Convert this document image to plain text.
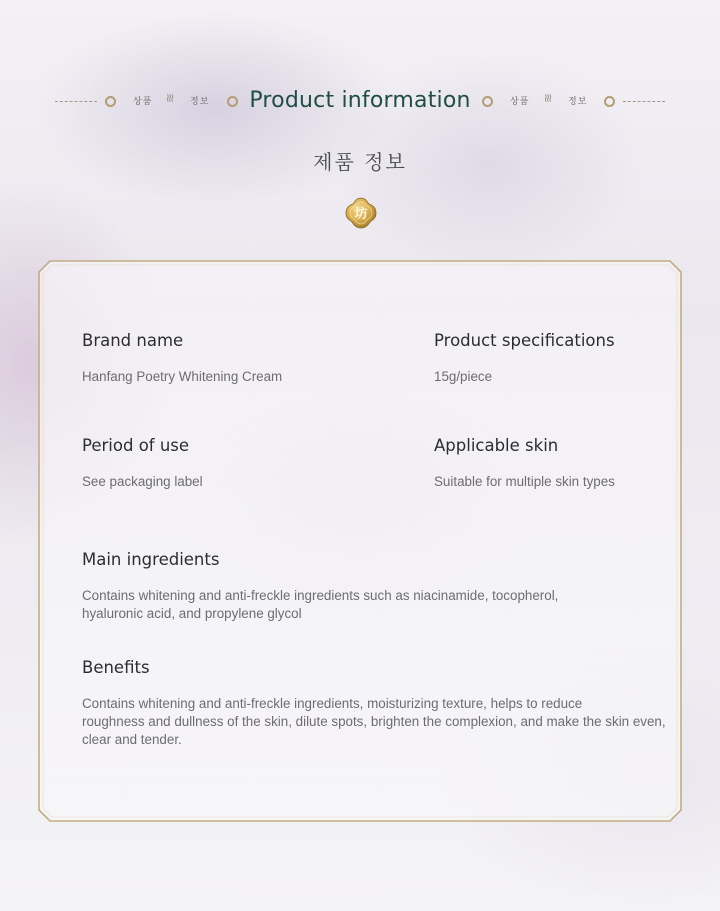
상품 ≋ 정보	Product information	상품 ≋ 정보
제품 정보
坊
Brand name
Hanfang Poetry Whitening Cream
Product specifications
15g/piece
Period of use
See packaging label
Applicable skin
Suitable for multiple skin types
Main ingredients
Contains whitening and anti-freckle ingredients such as niacinamide, tocopherol,
hyaluronic acid, and propylene glycol
Benefits
Contains whitening and anti-freckle ingredients, moisturizing texture, helps to reduce
roughness and dullness of the skin, dilute spots, brighten the complexion, and make the skin even,
clear and tender.
